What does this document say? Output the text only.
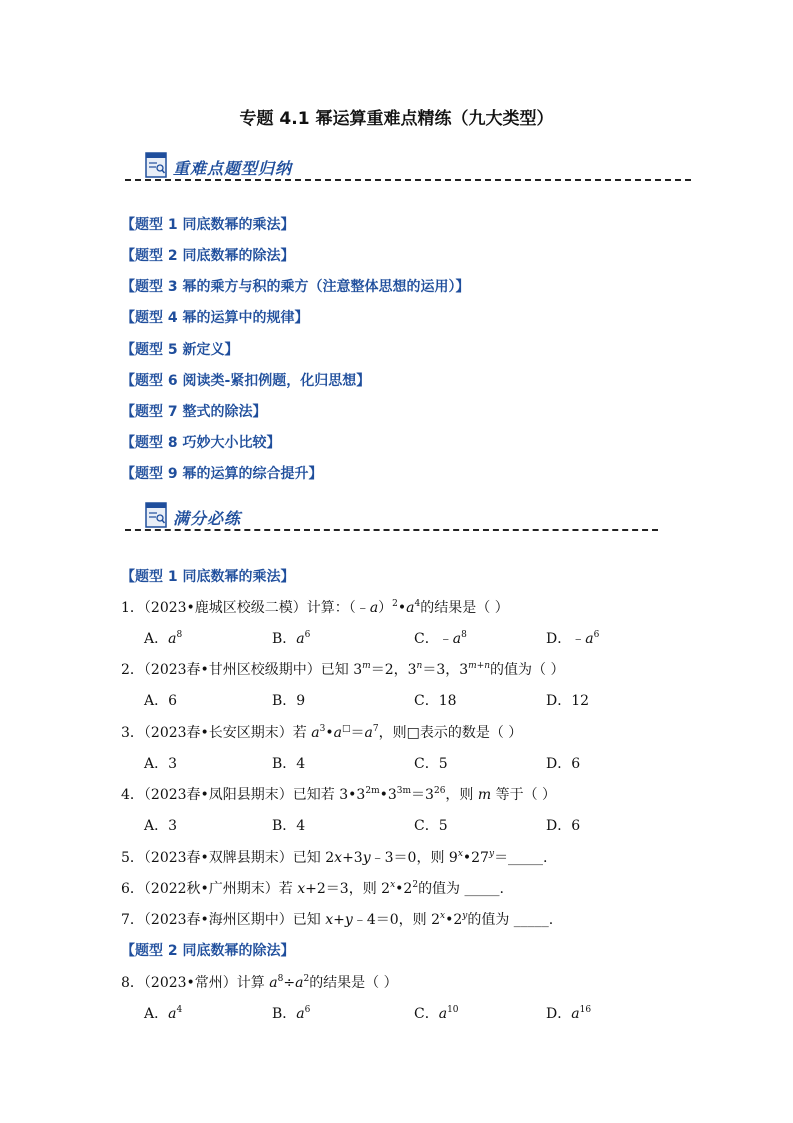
专题 4.1 幂运算重难点精练（九大类型）
重难点题型归纳
【题型 1 同底数幂的乘法】
【题型 2 同底数幂的除法】
【题型 3 幂的乘方与积的乘方（注意整体思想的运用）】
【题型 4 幂的运算中的规律】
【题型 5 新定义】
【题型 6 阅读类-紧扣例题，化归思想】
【题型 7 整式的除法】
【题型 8 巧妙大小比较】
【题型 9 幂的运算的综合提升】
满分必练
【题型 1 同底数幂的乘法】
1．（2023•鹿城区校级二模）计算：$(﹣a)^2•a^4$的结果是（ ）
A．$a^8$	B．$a^6$	C．$﹣a^8$	D．$﹣a^6$
2．（2023春•甘州区校级期中）已知 $3^m=2$，$3^n=3$，$3^{m+n}$的值为（ ）
A．6	B．9	C．18	D．12
3．（2023春•长安区期末）若 $a^3•a^□=a^7$，则□表示的数是（ ）
A．3	B．4	C．5	D．6
4．（2023春•凤阳县期末）已知若 $3•3^{2m}•3^{3m}=3^{26}$，则 m 等于（ ）
A．3	B．4	C．5	D．6
5．（2023春•双牌县期末）已知 2x+3y﹣3＝0，则 $9^x•27^y=\_\_\_\_\_$.
6．（2022秋•广州期末）若 x+2＝3，则 $2^x•2^2$的值为 _____.
7．（2023春•海州区期中）已知 x+y﹣4＝0，则 2$^x$•2$^y$的值为 _____.
【题型 2 同底数幂的除法】
8．（2023•常州）计算 $a^8\div a^2$的结果是（ ）
A．$a^4$	B．$a^6$	C．$a^{10}$	D．$a^{16}$
